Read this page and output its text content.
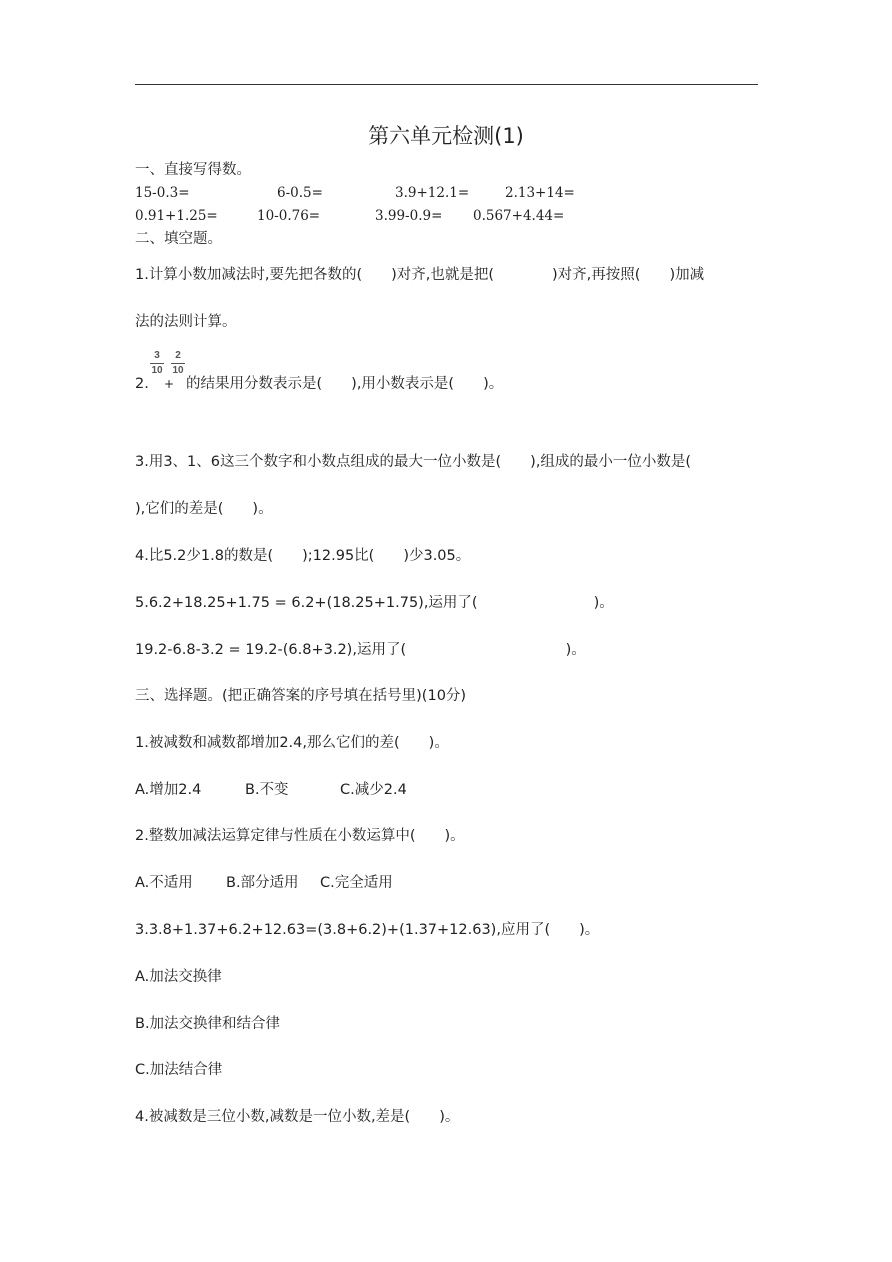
第六单元检测(1)
一、直接写得数。
15-0.3=	6-0.5=	3.9+12.1=	2.13+14=
0.91+1.25=	10-0.76=	3.99-0.9= 0.567+4.44=
二、填空题。
1.计算小数加减法时,要先把各数的(　　)对齐,也就是把(　　　　)对齐,再按照(　　)加减
法的法则计算。
2.
3
10
+
2
10
的结果用分数表示是(　　),用小数表示是(　　)。
3.用3、1、6这三个数字和小数点组成的最大一位小数是(　　),组成的最小一位小数是(
),它们的差是(　　)。
4.比5.2少1.8的数是(　　);12.95比(　　)少3.05。
5.6.2+18.25+1.75 = 6.2+(18.25+1.75),运用了(　　　　　　　　)。
19.2-6.8-3.2 = 19.2-(6.8+3.2),运用了(　　　　　　　　　　　)。
三、选择题。(把正确答案的序号填在括号里)(10分)
1.被减数和减数都增加2.4,那么它们的差(　　)。
A.增加2.4	B.不变	C.减少2.4
2.整数加减法运算定律与性质在小数运算中(　　)。
A.不适用 B.部分适用 C.完全适用
3.3.8+1.37+6.2+12.63=(3.8+6.2)+(1.37+12.63),应用了(　　)。
A.加法交换律
B.加法交换律和结合律
C.加法结合律
4.被减数是三位小数,减数是一位小数,差是(　　)。
